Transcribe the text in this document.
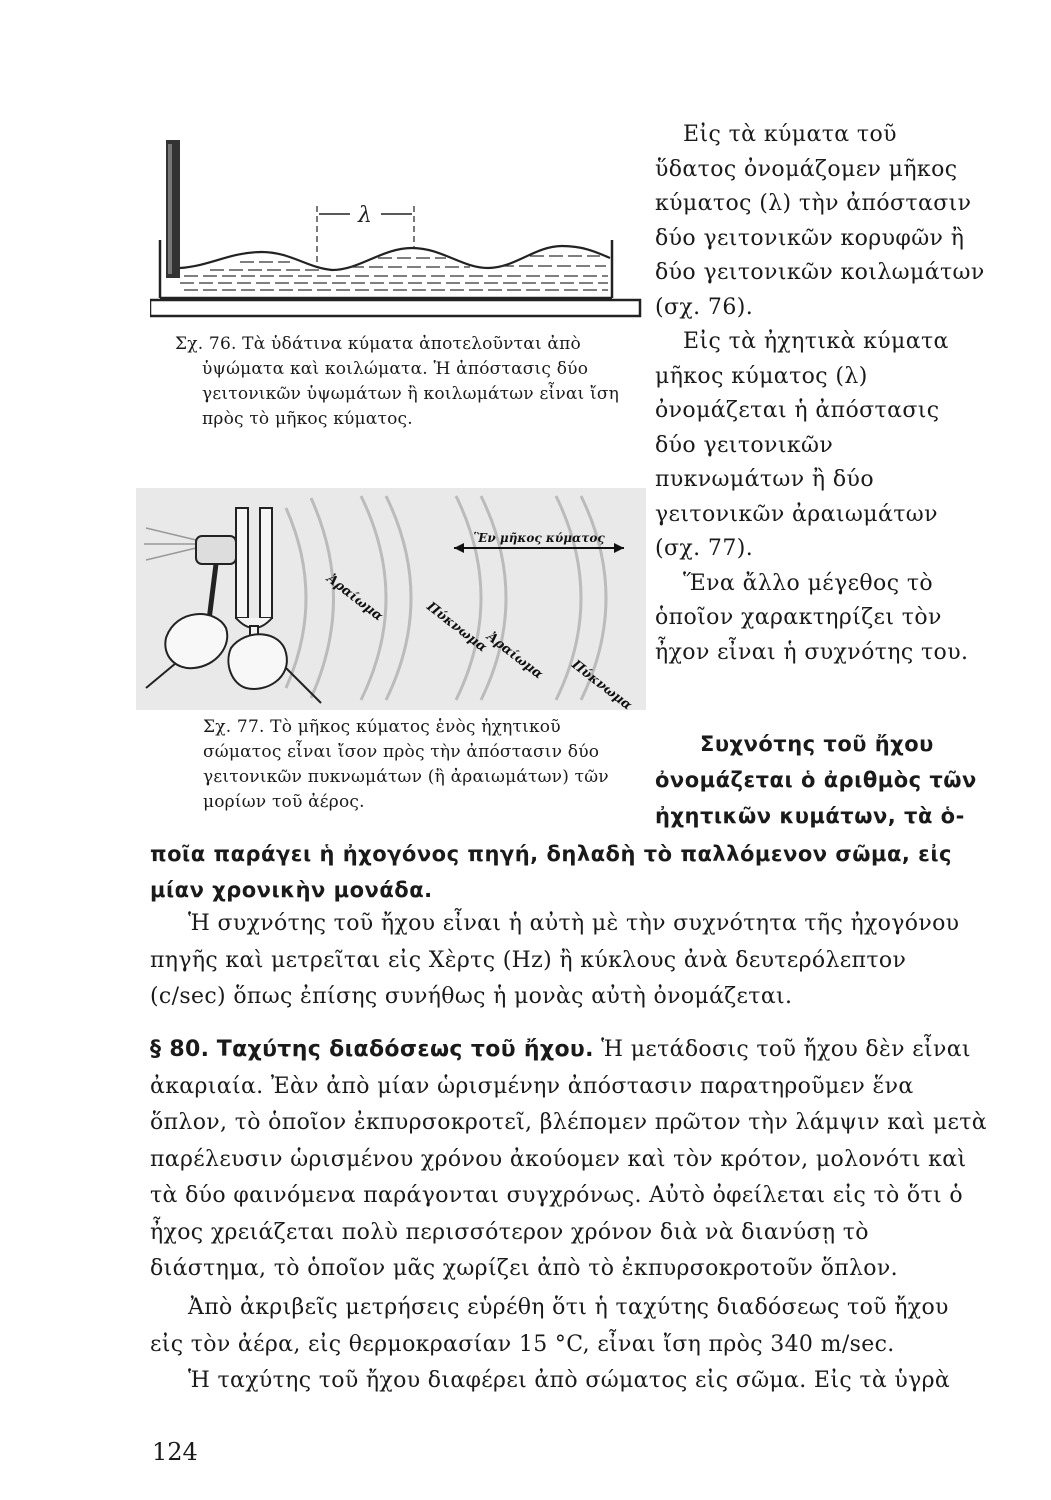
λ
Σχ. 76. Τὰ ὑδάτινα κύματα ἀποτελοῦνται ἀπὸ ὑψώματα καὶ κοιλώματα. Ἡ ἀπόστασις δύο γειτονικῶν ὑψωμάτων ἢ κοιλωμάτων εἶναι ἴση πρὸς τὸ μῆκος κύματος.
Ἓν μῆκος κύματος
Ἀραίωμα
Πύκνωμα
Ἀραίωμα
Πύκνωμα
Σχ. 77. Τὸ μῆκος κύματος ἑνὸς ἠχητικοῦ σώματος εἶναι ἴσον πρὸς τὴν ἀπόστασιν δύο γειτονικῶν πυκνωμάτων (ἢ ἀραιωμάτων) τῶν μορίων τοῦ ἀέρος.

Εἰς τὰ κύματα τοῦ ὕδατος ὀνομάζομεν μῆκος κύματος (λ) τὴν ἀπόστασιν δύο γειτονικῶν κορυφῶν ἢ δύο γειτονικῶν κοιλωμάτων (σχ. 76).

Εἰς τὰ ἠχητικὰ κύματα μῆκος κύματος (λ) ὀνομάζεται ἡ ἀπόστασις δύο γειτονικῶν πυκνωμάτων ἢ δύο γειτονικῶν ἀραιωμάτων (σχ. 77).

Ἕνα ἄλλο μέγεθος τὸ ὁποῖον χαρακτηρίζει τὸν ἦχον εἶναι ἡ συχνότης του.

Συχνότης τοῦ ἤχου ὀνομάζεται ὁ ἀριθμὸς τῶν ἠχητικῶν κυμάτων, τὰ ὁ-
ποῖα παράγει ἡ ἠχογόνος πηγή, δηλαδὴ τὸ παλλόμενον σῶμα, εἰς μίαν χρονικὴν μονάδα.

Ἡ συχνότης τοῦ ἤχου εἶναι ἡ αὐτὴ μὲ τὴν συχνότητα τῆς ἠχογόνου πηγῆς καὶ μετρεῖται εἰς Χὲρτς (Hz) ἢ κύκλους ἀνὰ δευτερόλεπτον (c/sec) ὅπως ἐπίσης συνήθως ἡ μονὰς αὐτὴ ὀνομάζεται.

§ 80. Ταχύτης διαδόσεως τοῦ ἤχου. Ἡ μετάδοσις τοῦ ἤχου δὲν εἶναι ἀκαριαία. Ἐὰν ἀπὸ μίαν ὡρισμένην ἀπόστασιν παρατηροῦμεν ἕνα ὅπλον, τὸ ὁποῖον ἐκπυρσοκροτεῖ, βλέπομεν πρῶτον τὴν λάμψιν καὶ μετὰ παρέλευσιν ὡρισμένου χρόνου ἀκούομεν καὶ τὸν κρότον, μολονότι καὶ τὰ δύο φαινόμενα παράγονται συγχρόνως. Αὐτὸ ὀφείλεται εἰς τὸ ὅτι ὁ ἦχος χρειάζεται πολὺ περισσότερον χρόνον διὰ νὰ διανύσῃ τὸ διάστημα, τὸ ὁποῖον μᾶς χωρίζει ἀπὸ τὸ ἐκπυρσοκροτοῦν ὅπλον.

Ἀπὸ ἀκριβεῖς μετρήσεις εὑρέθη ὅτι ἡ ταχύτης διαδόσεως τοῦ ἤχου εἰς τὸν ἀέρα, εἰς θερμοκρασίαν 15 °C, εἶναι ἴση πρὸς 340 m/sec.

Ἡ ταχύτης τοῦ ἤχου διαφέρει ἀπὸ σώματος εἰς σῶμα. Εἰς τὰ ὑγρὰ

124
